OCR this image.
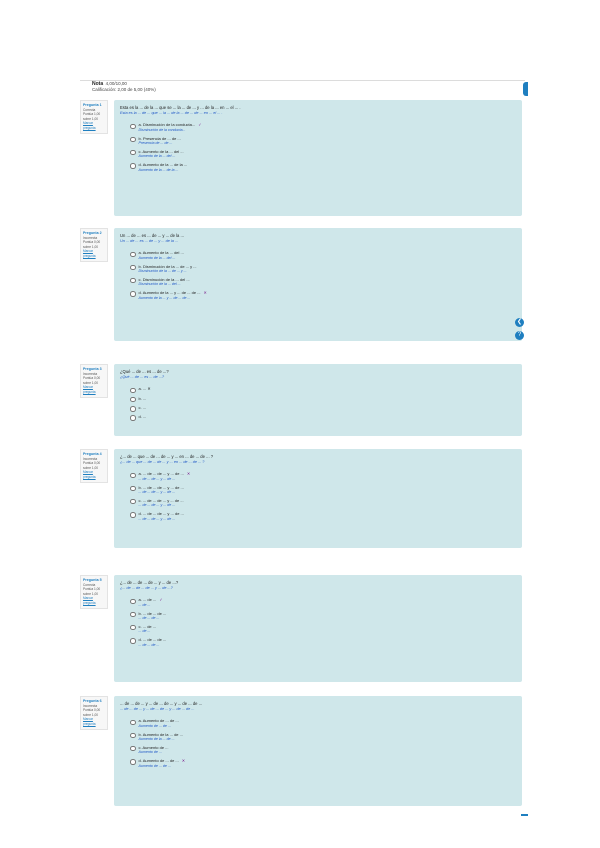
Nota 4,00/10,00
Calificación: 2,00 de 5,00 (40%)
Pregunta 1
Correcta
Puntúa 1,00 sobre 1,00
Marcar pregunta
Esta es la ... de la ... que se ... la ... de ... y ... de la ... en ... el ... .
Esta es la ... de ... que ... la ... de la ... de ... de ... en ... el ... .
a. Disminución de la conducta... ✓
Disminución de la conducta...
b. Presencia de ... de ...
Presencia de ... de ...
c. Aumento de la ... del ...
Aumento de la ... del ...
d. Aumento de la ... de la ...
Aumento de la ... de la ...
Pregunta 2
Incorrecta
Puntúa 0,00 sobre 1,00
Marcar pregunta
Un ... de ... es ... de ... y ... de la ...
Un ... de ... es ... de ... y ... de la ...
a. Aumento de la ... del ...
Aumento de la ... del ...
b. Disminución de la ... de ... y ...
Disminución de la ... de ... y ...
c. Disminución de la ... del ...
Disminución de la ... del ...
d. Aumento de la ... y ... de ... de ... ✕
Aumento de la ... y ... de ... de ...
❮
?
Pregunta 3
Incorrecta
Puntúa 0,00 sobre 1,00
Marcar pregunta
¿Qué ... de ... es ... de ...?
¿Qué ... de ... es ... de ...?
a. ... ✕
b. ...
c. ...
d. ...
Pregunta 4
Incorrecta
Puntúa 0,00 sobre 1,00
Marcar pregunta
¿... de ... que ... de ... de ... y ... en ... de ... de ... ?
¿... de ... que ... de ... de ... y ... en ... de ... de ... ?
a. ... de ... de ... y ... de ... ✕
... de ... de ... y ... de ...
b. ... de ... de ... y ... de ...
... de ... de ... y ... de ...
c. ... de ... de ... y ... de ...
... de ... de ... y ... de ...
d. ... de ... de ... y ... de ...
... de ... de ... y ... de ...
Pregunta 5
Correcta
Puntúa 1,00 sobre 1,00
Marcar pregunta
¿... de ... de ... de ... y ... de ...?
¿... de ... de ... de ... y ... de ...?
a. ... de ... ✓
... de ...
b. ... de ... de ...
... de ... de ...
c. ... de ...
... de ...
d. ... de ... de ...
... de ... de ...
Pregunta 6
Incorrecta
Puntúa 0,00 sobre 1,00
Marcar pregunta
... de ... de ... y ... de ... de ... y ... de ... de ...
... de ... de ... y ... de ... de ... y ... de ... de ...
a. Aumento de ... de ...
Aumento de ... de ...
b. Aumento de la ... de ...
Aumento de la ... de ...
c. Aumento de ...
Aumento de ...
d. Aumento de ... de ... ✕
Aumento de ... de ...
